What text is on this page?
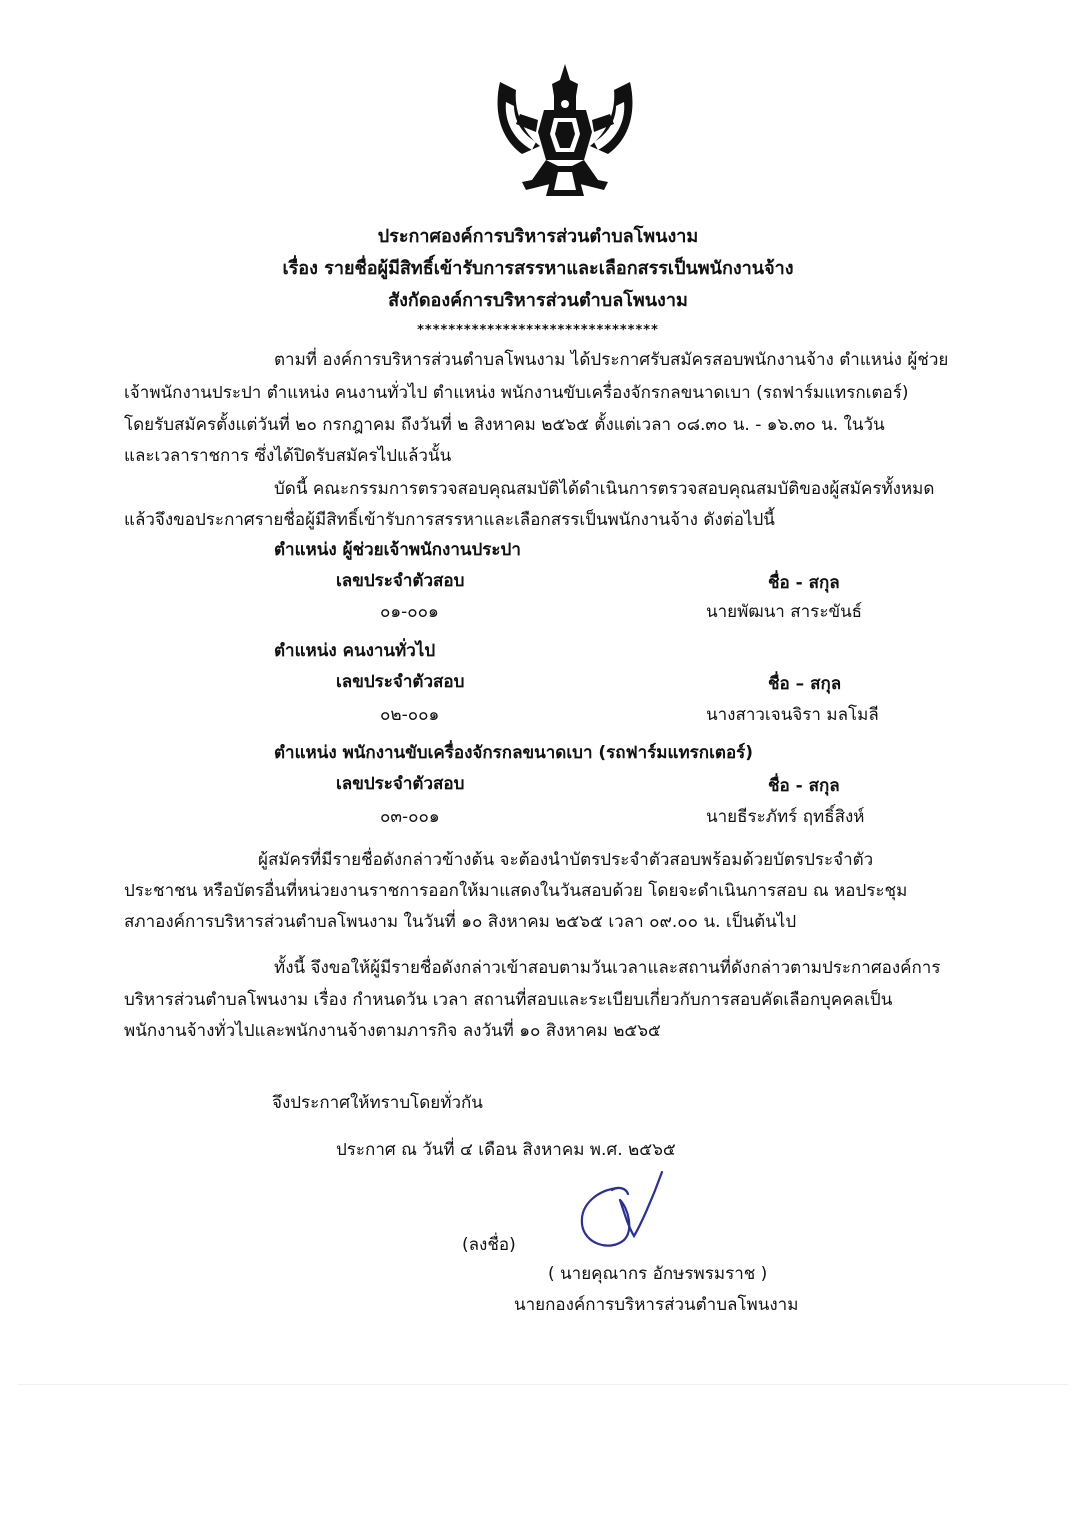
ประกาศองค์การบริหารส่วนตำบลโพนงาม
เรื่อง รายชื่อผู้มีสิทธิ์เข้ารับการสรรหาและเลือกสรรเป็นพนักงานจ้าง
สังกัดองค์การบริหารส่วนตำบลโพนงาม
*******************************
ตามที่ องค์การบริหารส่วนตำบลโพนงาม ได้ประกาศรับสมัครสอบพนักงานจ้าง ตำแหน่ง ผู้ช่วย
เจ้าพนักงานประปา ตำแหน่ง คนงานทั่วไป ตำแหน่ง พนักงานขับเครื่องจักรกลขนาดเบา (รถฟาร์มแทรกเตอร์)
โดยรับสมัครตั้งแต่วันที่ ๒๐ กรกฎาคม ถึงวันที่ ๒ สิงหาคม ๒๕๖๕ ตั้งแต่เวลา ๐๘.๓๐ น. - ๑๖.๓๐ น. ในวัน
และเวลาราชการ ซึ่งได้ปิดรับสมัครไปแล้วนั้น
บัดนี้ คณะกรรมการตรวจสอบคุณสมบัติได้ดำเนินการตรวจสอบคุณสมบัติของผู้สมัครทั้งหมด
แล้วจึงขอประกาศรายชื่อผู้มีสิทธิ์เข้ารับการสรรหาและเลือกสรรเป็นพนักงานจ้าง ดังต่อไปนี้
ตำแหน่ง ผู้ช่วยเจ้าพนักงานประปา
เลขประจำตัวสอบ	ชื่อ - สกุล
๐๑-๐๐๑	นายพัฒนา สาระขันธ์
ตำแหน่ง คนงานทั่วไป
เลขประจำตัวสอบ	ชื่อ – สกุล
๐๒-๐๐๑	นางสาวเจนจิรา มลโมลี
ตำแหน่ง พนักงานขับเครื่องจักรกลขนาดเบา (รถฟาร์มแทรกเตอร์)
เลขประจำตัวสอบ	ชื่อ - สกุล
๐๓-๐๐๑	นายธีระภัทร์ ฤทธิ์สิงห์
ผู้สมัครที่มีรายชื่อดังกล่าวข้างต้น จะต้องนำบัตรประจำตัวสอบพร้อมด้วยบัตรประจำตัว
ประชาชน หรือบัตรอื่นที่หน่วยงานราชการออกให้มาแสดงในวันสอบด้วย โดยจะดำเนินการสอบ ณ หอประชุม
สภาองค์การบริหารส่วนตำบลโพนงาม ในวันที่ ๑๐ สิงหาคม ๒๕๖๕ เวลา ๐๙.๐๐ น. เป็นต้นไป
ทั้งนี้ จึงขอให้ผู้มีรายชื่อดังกล่าวเข้าสอบตามวันเวลาและสถานที่ดังกล่าวตามประกาศองค์การ
บริหารส่วนตำบลโพนงาม เรื่อง กำหนดวัน เวลา สถานที่สอบและระเบียบเกี่ยวกับการสอบคัดเลือกบุคคลเป็น
พนักงานจ้างทั่วไปและพนักงานจ้างตามภารกิจ ลงวันที่ ๑๐ สิงหาคม ๒๕๖๕
จึงประกาศให้ทราบโดยทั่วกัน
ประกาศ ณ วันที่ ๔ เดือน สิงหาคม พ.ศ. ๒๕๖๕
(ลงชื่อ)
( นายคุณากร อักษรพรมราช )
นายกองค์การบริหารส่วนตำบลโพนงาม
